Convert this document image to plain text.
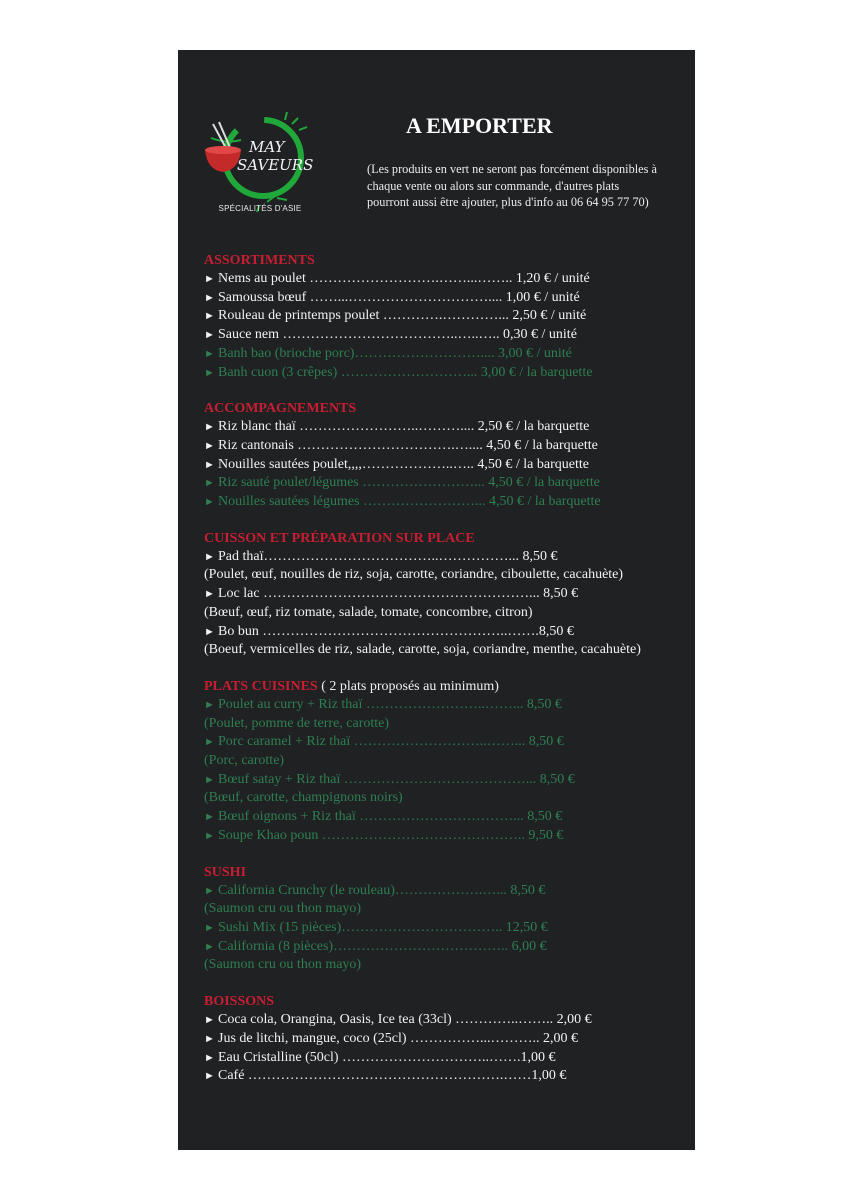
MAY
SAVEURS
SPÉCIALITÉS D'ASIE
A EMPORTER
(Les produits en vert ne seront pas forcément disponibles à chaque vente ou alors sur commande, d'autres plats pourront aussi être ajouter, plus d'info au 06 64 95 77 70)
ASSORTIMENTS
► Nems au poulet ……………………….……...…….. 1,20 € / unité
► Samoussa bœuf ……...………………………….... 1,00 € / unité
► Rouleau de printemps poulet ………….…………... 2,50 € / unité
► Sauce nem ………………………………..…..….. 0,30 € / unité
► Banh bao (brioche porc)……………………….... 3,00 € / unité
► Banh cuon (3 crêpes) ………………………... 3,00 € / la barquette
ACCOMPAGNEMENTS
► Riz blanc thaï ……………………..……….... 2,50 € / la barquette
► Riz cantonais …………………………….….... 4,50 € / la barquette
► Nouilles sautées poulet,,,,………………..….. 4,50 € / la barquette
► Riz sauté poulet/légumes ……………………... 4,50 € / la barquette
► Nouilles sautées légumes ……………………... 4,50 € / la barquette
CUISSON ET PRÉPARATION SUR PLACE
► Pad thaï………………………………..……………... 8,50 €
(Poulet, œuf, nouilles de riz, soja, carotte, coriandre, ciboulette, cacahuète)
► Loc lac …………………………………………………... 8,50 €
(Bœuf, œuf, riz tomate, salade, tomate, concombre, citron)
► Bo bun ……………………………………………..…….8,50 €
(Boeuf, vermicelles de riz, salade, carotte, soja, coriandre, menthe, cacahuète)
PLATS CUISINES ( 2 plats proposés au minimum)
► Poulet au curry + Riz thaï ……………………..……... 8,50 €
(Poulet, pomme de terre, carotte)
► Porc caramel + Riz thaï ………………………..……... 8,50 €
(Porc, carotte)
► Bœuf satay + Riz thaï …………………………………... 8,50 €
(Bœuf, carotte, champignons noirs)
► Bœuf oignons + Riz thaï ……………………………... 8,50 €
► Soupe Khao poun …………………………………….. 9,50 €
SUSHI
► California Crunchy (le rouleau)……………….…... 8,50 €
(Saumon cru ou thon mayo)
► Sushi Mix (15 pièces)…………………………….. 12,50 €
► California (8 pièces)……………………………….. 6,00 €
(Saumon cru ou thon mayo)
BOISSONS
► Coca cola, Orangina, Oasis, Ice tea (33cl) …………..…….. 2,00 €
► Jus de litchi, mangue, coco (25cl) ……………...……….. 2,00 €
► Eau Cristalline (50cl) …………………………..…….1,00 €
► Café ……………………………………………….……1,00 €
